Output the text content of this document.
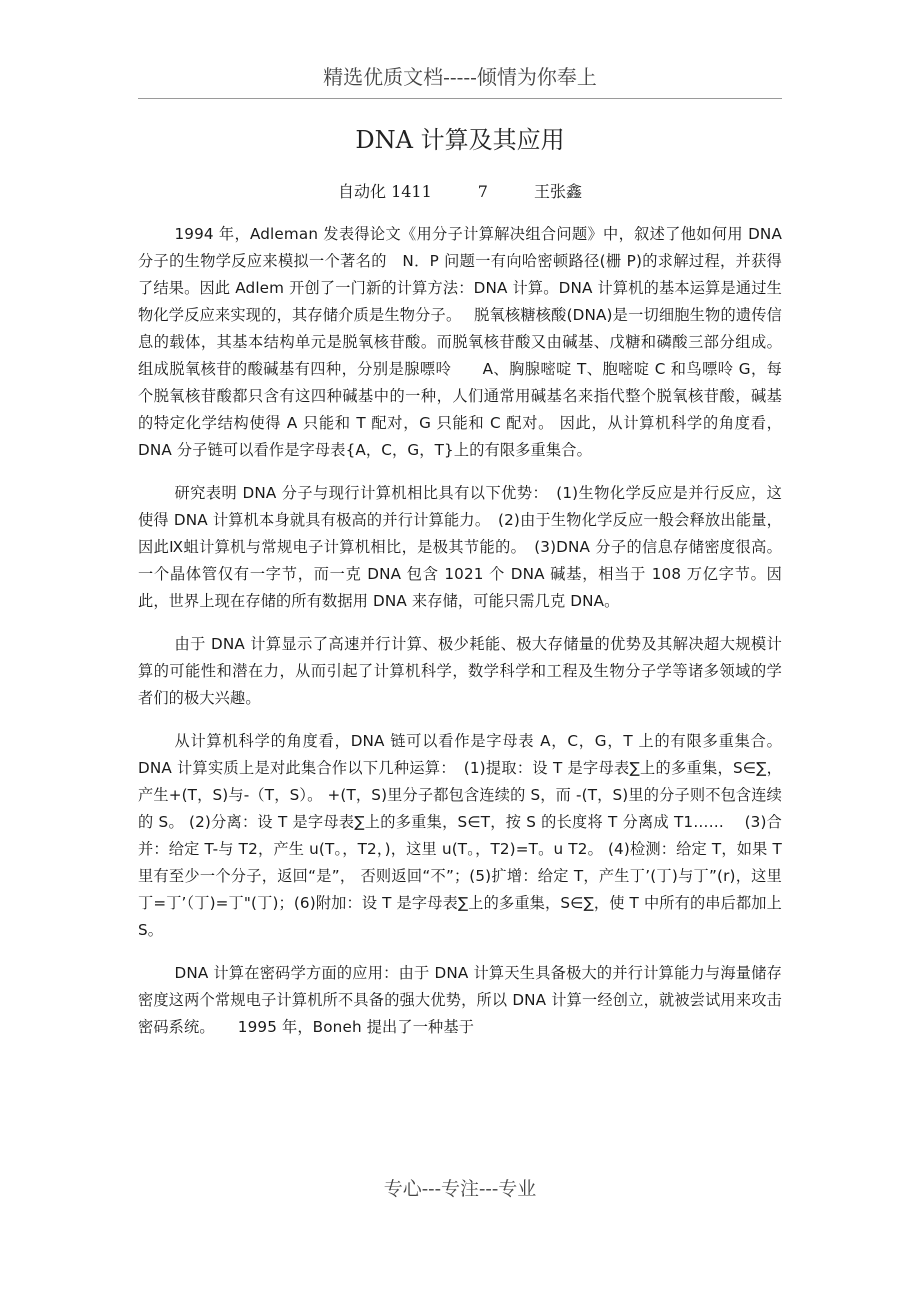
精选优质文档-----倾情为你奉上
DNA 计算及其应用
自动化 1411	7	王张鑫

1994 年，Adleman 发表得论文《用分子计算解决组合问题》中，叙述了他如何用 DNA 分子的生物学反应来模拟一个著名的　N．P 问题一有向哈密顿路径(栅 P)的求解过程，并获得了结果。因此 Adlem 开创了一门新的计算方法：DNA 计算。DNA 计算机的基本运算是通过生物化学反应来实现的，其存储介质是生物分子。　 脱氧核糖核酸(DNA)是一切细胞生物的遗传信息的载体，其基本结构单元是脱氧核苷酸。而脱氧核苷酸又由碱基、戊糖和磷酸三部分组成。组成脱氧核苷的酸碱基有四种，分别是腺嘌呤　　A、胸腺嘧啶 T、胞嘧啶 C 和鸟嘌呤 G，每个脱氧核苷酸都只含有这四种碱基中的一种，人们通常用碱基名来指代整个脱氧核苷酸，碱基的特定化学结构使得 A 只能和 T 配对，G 只能和 C 配对。 因此，从计算机科学的角度看，DNA 分子链可以看作是字母表{A，C，G，T}上的有限多重集合。

研究表明 DNA 分子与现行计算机相比具有以下优势：　(1)生物化学反应是并行反应，这使得 DNA 计算机本身就具有极高的并行计算能力。　(2)由于生物化学反应一般会释放出能量，因此Ⅸ蛆计算机与常规电子计算机相比，是极其节能的。　(3)DNA 分子的信息存储密度很高。一个晶体管仅有一字节，而一克 DNA 包含 1021 个 DNA 碱基，相当于 108 万亿字节。因此，世界上现在存储的所有数据用 DNA 来存储，可能只需几克 DNA。

由于 DNA 计算显示了高速并行计算、极少耗能、极大存储量的优势及其解决超大规模计算的可能性和潜在力，从而引起了计算机科学，数学科学和工程及生物分子学等诸多领域的学者们的极大兴趣。

从计算机科学的角度看，DNA 链可以看作是字母表 A，C，G，T 上的有限多重集合。DNA 计算实质上是对此集合作以下几种运算：　(1)提取：设 T 是字母表∑上的多重集，S∈∑，产生+(T，S)与-（T，S）。 +(T，S)里分子都包含连续的 S，而 -(T，S)里的分子则不包含连续的 S。 (2)分离：设 T 是字母表∑上的多重集，S∈T，按 S 的长度将 T 分离成 T1……　 (3)合并：给定 T-与 T2，产生 u(T。，T2，)，这里 u(T。，T2)=T。u T2。 (4)检测：给定 T，如果 T 里有至少一个分子，返回“是”， 否则返回“不”；(5)扩增：给定 T，产生丁’(丁)与丁”(r)，这里丁=丁’（丁)=丁"(丁)；(6)附加：设 T 是字母表∑上的多重集，S∈∑，使 T 中所有的串后都加上 S。

DNA 计算在密码学方面的应用：由于 DNA 计算天生具备极大的并行计算能力与海量储存密度这两个常规电子计算机所不具备的强大优势，所以 DNA 计算一经创立，就被尝试用来攻击密码系统。　　1995 年，Boneh 提出了一种基于

专心---专注---专业
